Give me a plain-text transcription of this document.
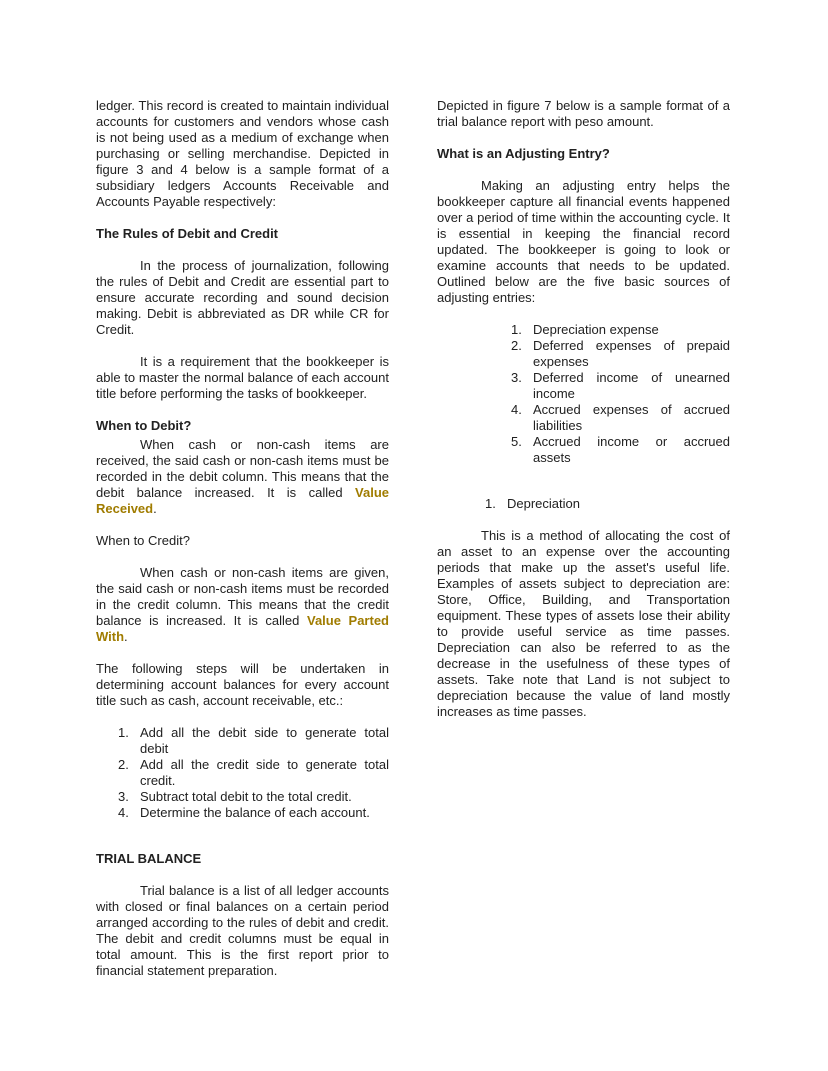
ledger. This record is created to maintain individual accounts for customers and vendors whose cash is not being used as a medium of exchange when purchasing or selling merchandise. Depicted in figure 3 and 4 below is a sample format of a subsidiary ledgers Accounts Receivable and Accounts Payable respectively:

The Rules of Debit and Credit

In the process of journalization, following the rules of Debit and Credit are essential part to ensure accurate recording and sound decision making. Debit is abbreviated as DR while CR for Credit.

It is a requirement that the bookkeeper is able to master the normal balance of each account title before performing the tasks of bookkeeper.

When to Debit?

When cash or non-cash items are received, the said cash or non-cash items must be recorded in the debit column. This means that the debit balance increased. It is called Value Received.

When to Credit?

When cash or non-cash items are given, the said cash or non-cash items must be recorded in the credit column. This means that the credit balance is increased. It is called Value Parted With.

The following steps will be undertaken in determining account balances for every account title such as cash, account receivable, etc.:

1. Add all the debit side to generate total debit
2. Add all the credit side to generate total credit.
3. Subtract total debit to the total credit.
4. Determine the balance of each account.

TRIAL BALANCE

Trial balance is a list of all ledger accounts with closed or final balances on a certain period arranged according to the rules of debit and credit. The debit and credit columns must be equal in total amount. This is the first report prior to financial statement preparation.

Depicted in figure 7 below is a sample format of a trial balance report with peso amount.

What is an Adjusting Entry?

Making an adjusting entry helps the bookkeeper capture all financial events happened over a period of time within the accounting cycle. It is essential in keeping the financial record updated. The bookkeeper is going to look or examine accounts that needs to be updated. Outlined below are the five basic sources of adjusting entries:

1. Depreciation expense
2. Deferred expenses of prepaid expenses
3. Deferred income of unearned income
4. Accrued expenses of accrued liabilities
5. Accrued income or accrued assets
1. Depreciation

This is a method of allocating the cost of an asset to an expense over the accounting periods that make up the asset's useful life. Examples of assets subject to depreciation are: Store, Office, Building, and Transportation equipment. These types of assets lose their ability to provide useful service as time passes. Depreciation can also be referred to as the decrease in the usefulness of these types of assets. Take note that Land is not subject to depreciation because the value of land mostly increases as time passes.
